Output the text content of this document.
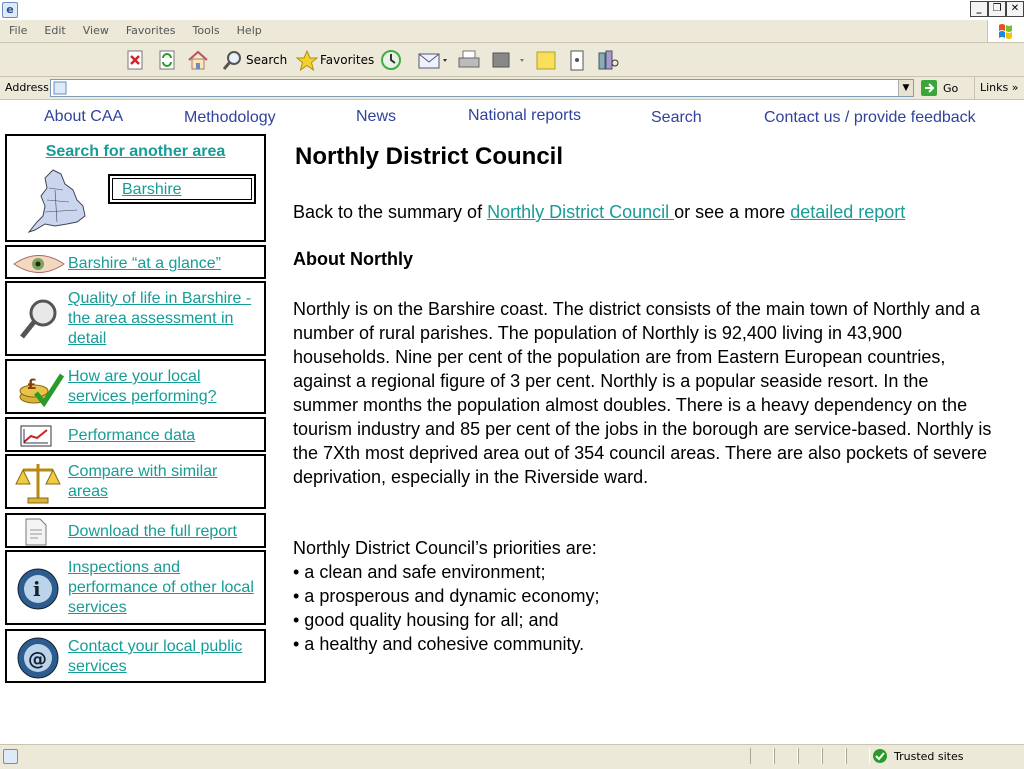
e	_	❐ ✕
File Edit View Favorites Tools Help
Search	Favorites
Address	▼	Go	Links »
About CAA	Methodology	News	National reports	Search	Contact us / provide feedback
Search for another area
Barshire
Barshire “at a glance”
Quality of life in Barshire - the area assessment in detail
£ How are your local services performing?
Performance data
Compare with similar areas
Download the full report
i
Inspections and performance of other local services
@
Contact your local public services
Northly District Council
Back to the summary of Northly District Council or see a more detailed report
About Northly

Northly is on the Barshire coast. The district consists of the main town of Northly and a number of rural parishes. The population of Northly is 92,400 living in 43,900 households. Nine per cent of the population are from Eastern European countries, against a regional figure of 3 per cent. Northly is a popular seaside resort. In the summer months the population almost doubles. There is a heavy dependency on the tourism industry and 85 per cent of the jobs in the borough are service-based. Northly is the 7Xth most deprived area out of 354 council areas. There are also pockets of severe deprivation, especially in the Riverside ward.

Northly District Council’s priorities are:
• a clean and safe environment;
• a prosperous and dynamic economy;
• good quality housing for all; and
• a healthy and cohesive community.
Trusted sites
